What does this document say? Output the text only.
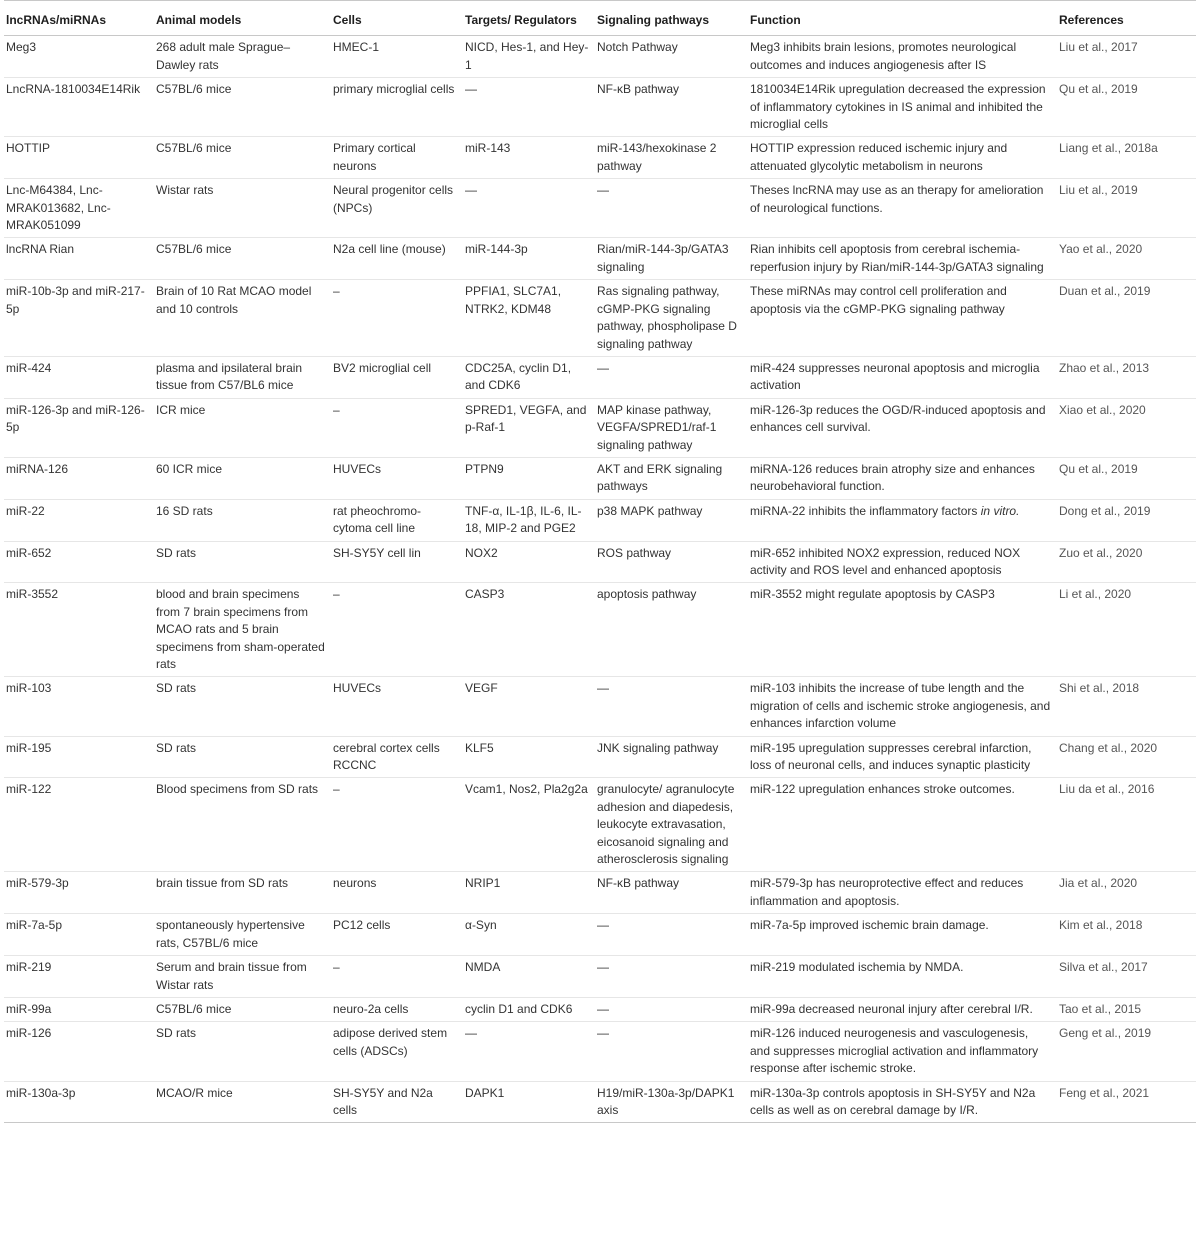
lncRNAs/miRNAs	Animal models	Cells	Targets/ Regulators	Signaling pathways	Function	References
Meg3	268 adult male Sprague–Dawley rats	HMEC-1	NICD, Hes-1, and Hey-1	Notch Pathway	Meg3 inhibits brain lesions, promotes neurological outcomes and induces angiogenesis after IS	Liu et al., 2017
LncRNA-1810034E14Rik	C57BL/6 mice	primary microglial cells	—	NF-κB pathway	1810034E14Rik upregulation decreased the expression of inflammatory cytokines in IS animal and inhibited the microglial cells	Qu et al., 2019
HOTTIP	C57BL/6 mice	Primary cortical neurons	miR-143	miR-143/hexokinase 2 pathway	HOTTIP expression reduced ischemic injury and attenuated glycolytic metabolism in neurons	Liang et al., 2018a
Lnc-M64384, Lnc-MRAK013682, Lnc-MRAK051099	Wistar rats	Neural progenitor cells (NPCs)	—	—	Theses lncRNA may use as an therapy for amelioration of neurological functions.	Liu et al., 2019
lncRNA Rian	C57BL/6 mice	N2a cell line (mouse)	miR-144-3p	Rian/miR-144-3p/GATA3 signaling	Rian inhibits cell apoptosis from cerebral ischemia-reperfusion injury by Rian/miR-144-3p/GATA3 signaling	Yao et al., 2020
miR-10b-3p and miR-217-5p	Brain of 10 Rat MCAO model and 10 controls	–	PPFIA1, SLC7A1, NTRK2, KDM48	Ras signaling pathway, cGMP-PKG signaling pathway, phospholipase D signaling pathway	These miRNAs may control cell proliferation and apoptosis via the cGMP-PKG signaling pathway	Duan et al., 2019
miR-424	plasma and ipsilateral brain tissue from C57/BL6 mice	BV2 microglial cell	CDC25A, cyclin D1, and CDK6	—	miR-424 suppresses neuronal apoptosis and microglia activation	Zhao et al., 2013
miR-126-3p and miR-126-5p	ICR mice	–	SPRED1, VEGFA, and p-Raf-1	MAP kinase pathway, VEGFA/SPRED1/raf-1 signaling pathway	miR-126-3p reduces the OGD/R-induced apoptosis and enhances cell survival.	Xiao et al., 2020
miRNA-126	60 ICR mice	HUVECs	PTPN9	AKT and ERK signaling pathways	miRNA-126 reduces brain atrophy size and enhances neurobehavioral function.	Qu et al., 2019
miR-22	16 SD rats	rat pheochromo-cytoma cell line	TNF-α, IL-1β, IL-6, IL-18, MIP-2 and PGE2	p38 MAPK pathway	miRNA-22 inhibits the inflammatory factors in vitro.	Dong et al., 2019
miR-652	SD rats	SH-SY5Y cell lin	NOX2	ROS pathway	miR-652 inhibited NOX2 expression, reduced NOX activity and ROS level and enhanced apoptosis	Zuo et al., 2020
miR-3552	blood and brain specimens from 7 brain specimens from MCAO rats and 5 brain specimens from sham-operated rats	–	CASP3	apoptosis pathway	miR-3552 might regulate apoptosis by CASP3	Li et al., 2020
miR-103	SD rats	HUVECs	VEGF	—	miR-103 inhibits the increase of tube length and the migration of cells and ischemic stroke angiogenesis, and enhances infarction volume	Shi et al., 2018
miR-195	SD rats	cerebral cortex cells RCCNC	KLF5	JNK signaling pathway	miR-195 upregulation suppresses cerebral infarction, loss of neuronal cells, and induces synaptic plasticity	Chang et al., 2020
miR-122	Blood specimens from SD rats	–	Vcam1, Nos2, Pla2g2a	granulocyte/ agranulocyte adhesion and diapedesis, leukocyte extravasation, eicosanoid signaling and atherosclerosis signaling	miR-122 upregulation enhances stroke outcomes.	Liu da et al., 2016
miR-579-3p	brain tissue from SD rats	neurons	NRIP1	NF-ĸB pathway	miR-579-3p has neuroprotective effect and reduces inflammation and apoptosis.	Jia et al., 2020
miR-7a-5p	spontaneously hypertensive rats, C57BL/6 mice	PC12 cells	α-Syn	—	miR-7a-5p improved ischemic brain damage.	Kim et al., 2018
miR-219	Serum and brain tissue from Wistar rats	–	NMDA	—	miR-219 modulated ischemia by NMDA.	Silva et al., 2017
miR-99a	C57BL/6 mice	neuro-2a cells	cyclin D1 and CDK6	—	miR-99a decreased neuronal injury after cerebral I/R.	Tao et al., 2015
miR-126	SD rats	adipose derived stem cells (ADSCs)	—	—	miR-126 induced neurogenesis and vasculogenesis, and suppresses microglial activation and inflammatory response after ischemic stroke.	Geng et al., 2019
miR-130a-3p	MCAO/R mice	SH-SY5Y and N2a cells	DAPK1	H19/miR-130a-3p/DAPK1 axis	miR-130a-3p controls apoptosis in SH-SY5Y and N2a cells as well as on cerebral damage by I/R.	Feng et al., 2021
